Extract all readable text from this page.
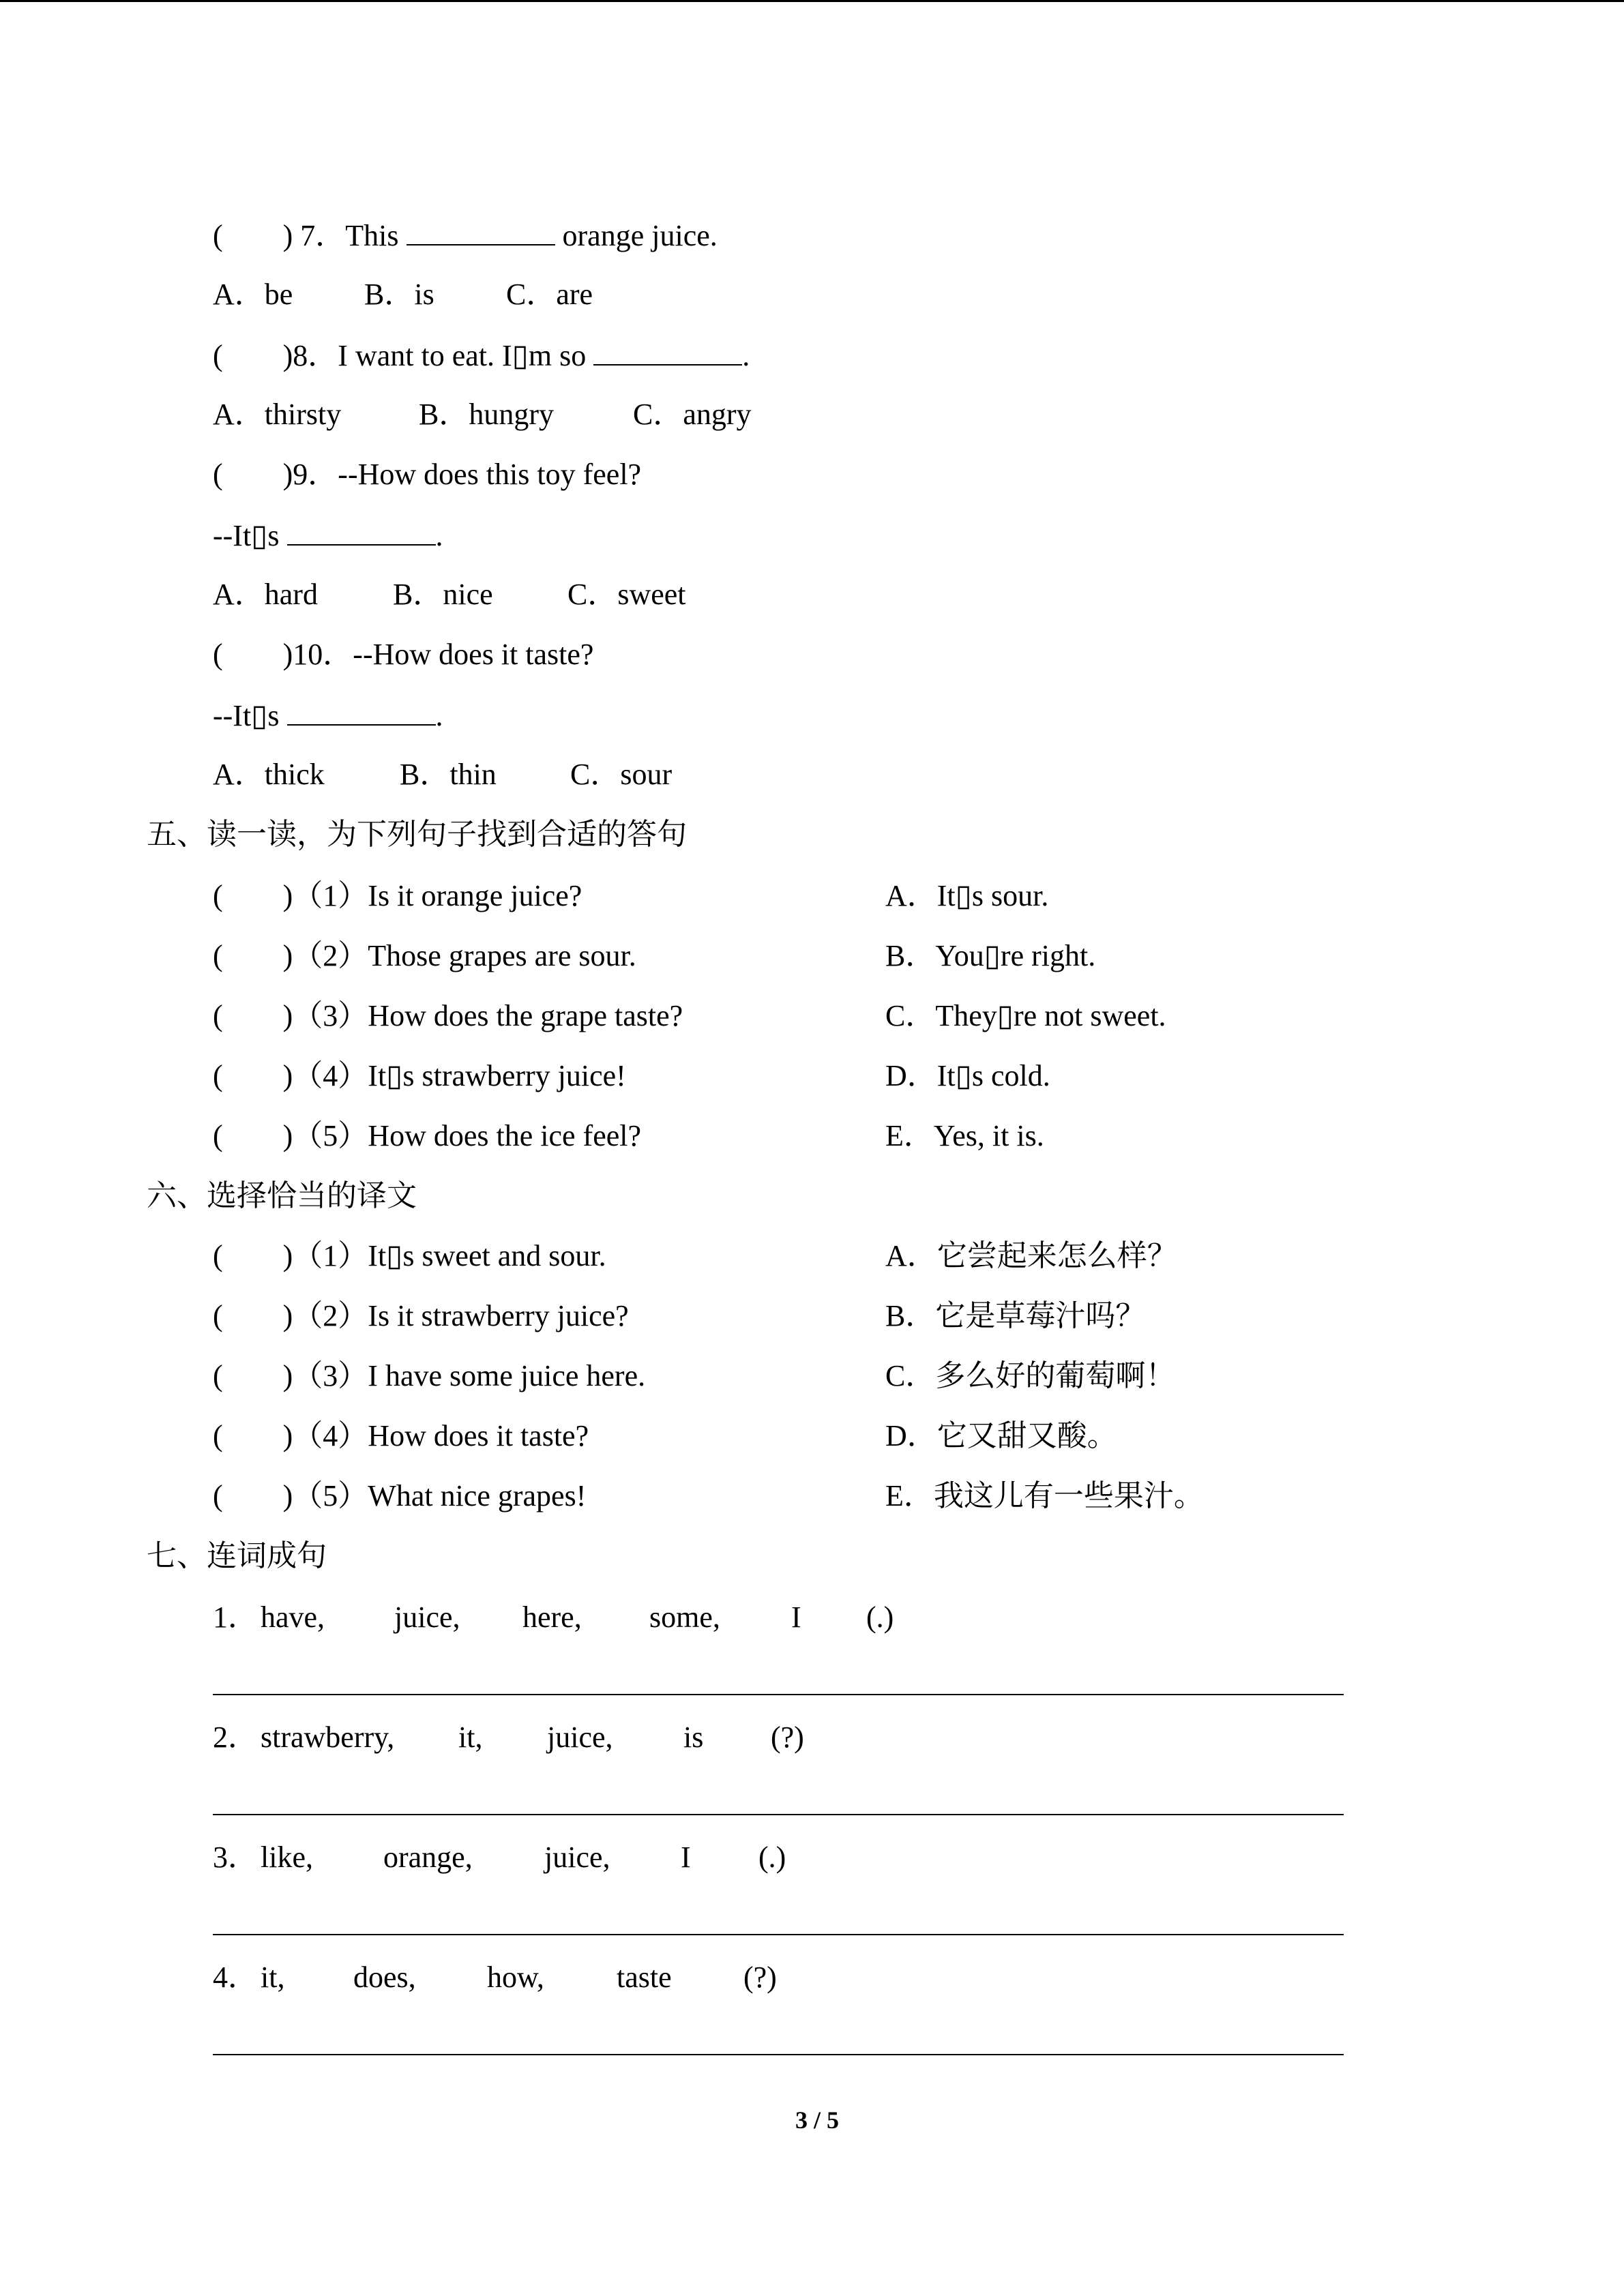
(        ) 7．This	orange juice.
A．be	B．is	C．are
(        )8．I want to eat. I▯m so	.
A．thirsty	B．hungry	C．angry
(        )9．--How does this toy feel?
--It▯s	.
A．hard	B．nice	C．sweet
(        )10．--How does it taste?
--It▯s	.
A．thick	B．thin	C．sour
五、读一读，为下列句子找到合适的答句
(        )（1）Is it orange juice?	A．It▯s sour.
(        )（2）Those grapes are sour.	B．You▯re right.
(        )（3）How does the grape taste?	C．They▯re not sweet.
(        )（4）It▯s strawberry juice!	D．It▯s cold.
(        )（5）How does the ice feel?	E．Yes, it is.
六、选择恰当的译文
(        )（1）It▯s sweet and sour.	A．它尝起来怎么样？
(        )（2）Is it strawberry juice?	B．它是草莓汁吗？
(        )（3）I have some juice here.	C．多么好的葡萄啊！
(        )（4）How does it taste?	D．它又甜又酸。
(        )（5）What nice grapes!	E．我这儿有一些果汁。
七、连词成句
1． have,	juice,	here,	some,	I	(.)
2． strawberry,	it,	juice,	is	(?)
3． like,	orange,	juice,	I	(.)
4． it,	does,	how,	taste	(?)
3 / 5
